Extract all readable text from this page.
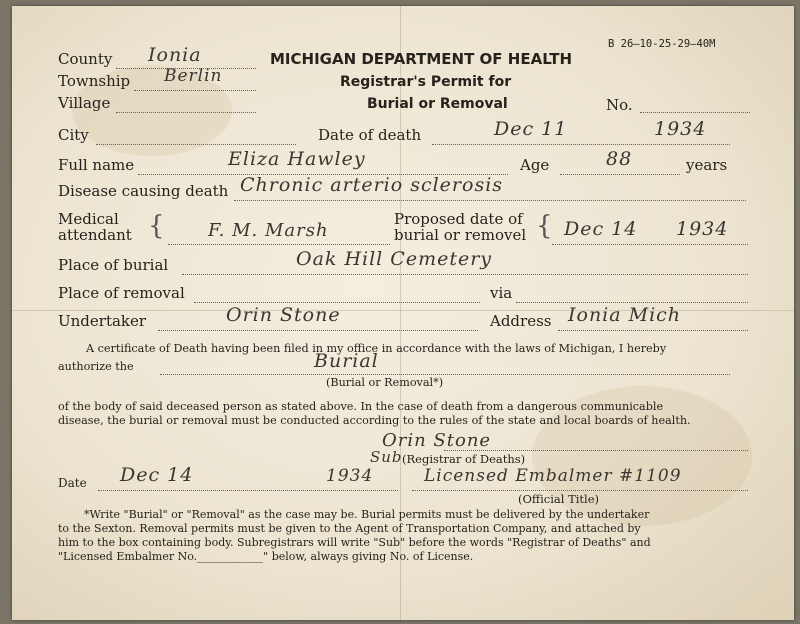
B 26—10-25-29—40M
MICHIGAN DEPARTMENT OF HEALTH
Registrar's Permit for
Burial or Removal	No.
County Ionia
Township Berlin
Village
City	Date of death	Dec 11	1934
Full name	Eliza Hawley	Age	88	years
Disease causing death Chronic arterio sclerosis
Medical
attendant { F. M. Marsh
Proposed date of
burial or removel { Dec 14 1934
Place of burial	Oak Hill Cemetery
Place of removal	via
Undertaker	Orin Stone	Address Ionia Mich
A certificate of Death having been filed in my office in accordance with the laws of Michigan, I hereby
authorize the	Burial
(Burial or Removal*)
of the body of said deceased person as stated above. In the case of death from a dangerous communicable
disease, the burial or removal must be conducted according to the rules of the state and local boards of health.
Orin Stone
Sub (Registrar of Deaths)
Date Dec 14	1934	Licensed Embalmer #1109
(Official Title)
*Write "Burial" or "Removal" as the case may be. Burial permits must be delivered by the undertaker
to the Sexton. Removal permits must be given to the Agent of Transportation Company, and attached by
him to the box containing body. Subregistrars will write "Sub" before the words "Registrar of Deaths" and
"Licensed Embalmer No.____________" below, always giving No. of License.
